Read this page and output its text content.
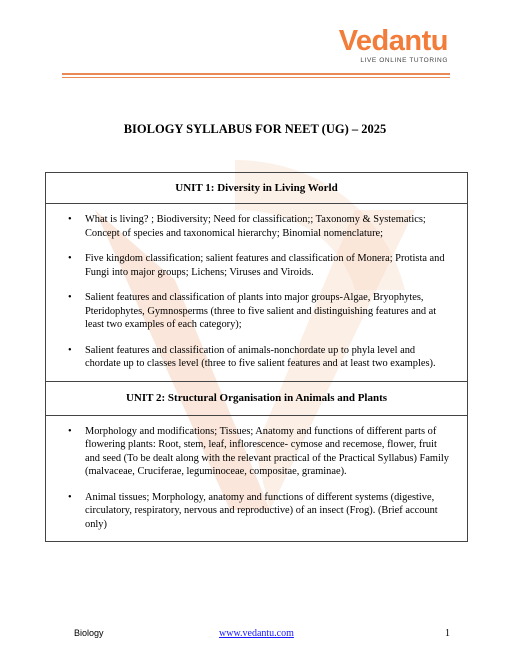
Vedantu
LIVE ONLINE TUTORING
BIOLOGY SYLLABUS FOR NEET (UG) – 2025
UNIT 1: Diversity in Living World
• What is living? ; Biodiversity; Need for classification;; Taxonomy & Systematics; Concept of species and taxonomical hierarchy; Binomial nomenclature;
• Five kingdom classification; salient features and classification of Monera; Protista and Fungi into major groups; Lichens; Viruses and Viroids.
• Salient features and classification of plants into major groups-Algae, Bryophytes, Pteridophytes, Gymnosperms (three to five salient and distinguishing features and at least two examples of each category);
• Salient features and classification of animals-nonchordate up to phyla level and chordate up to classes level (three to five salient features and at least two examples).
UNIT 2: Structural Organisation in Animals and Plants
• Morphology and modifications; Tissues; Anatomy and functions of different parts of flowering plants: Root, stem, leaf, inflorescence- cymose and recemose, flower, fruit and seed (To be dealt along with the relevant practical of the Practical Syllabus) Family (malvaceae, Cruciferae, leguminoceae, compositae, graminae).
• Animal tissues; Morphology, anatomy and functions of different systems (digestive, circulatory, respiratory, nervous and reproductive) of an insect (Frog). (Brief account only)
Biology	www.vedantu.com	1
